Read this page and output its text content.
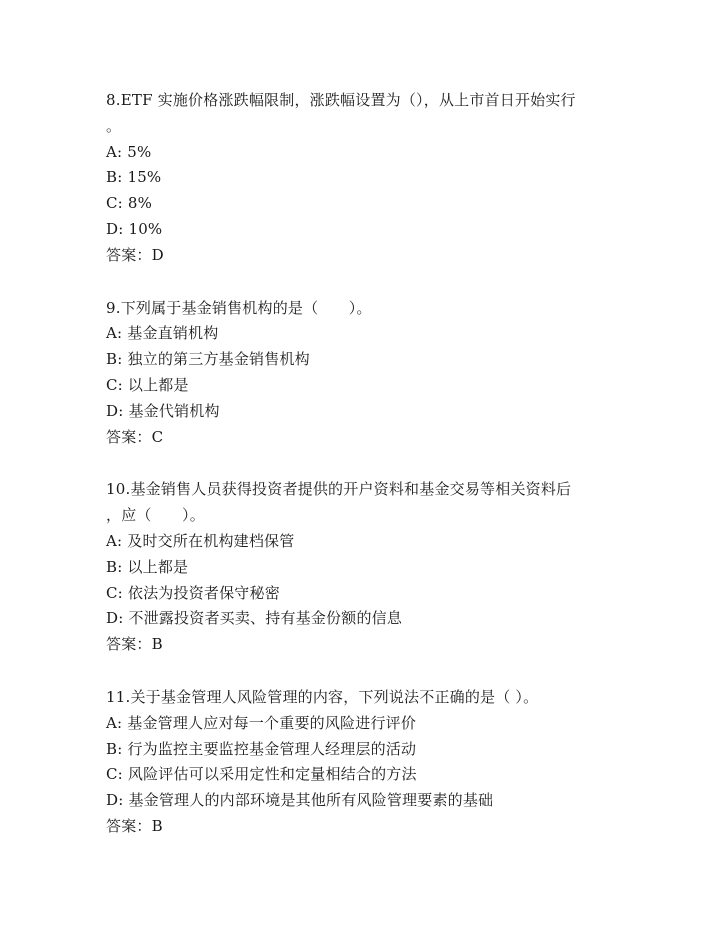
8.ETF 实施价格涨跌幅限制，涨跌幅设置为（），从上市首日开始实行
。
A: 5%
B: 15%
C: 8%
D: 10%
答案：D
9.下列属于基金销售机构的是（　　）。
A: 基金直销机构
B: 独立的第三方基金销售机构
C: 以上都是
D: 基金代销机构
答案：C
10.基金销售人员获得投资者提供的开户资料和基金交易等相关资料后
，应（　　）。
A: 及时交所在机构建档保管
B: 以上都是
C: 依法为投资者保守秘密
D: 不泄露投资者买卖、持有基金份额的信息
答案：B
11.关于基金管理人风险管理的内容，下列说法不正确的是（ ）。
A: 基金管理人应对每一个重要的风险进行评价
B: 行为监控主要监控基金管理人经理层的活动
C: 风险评估可以采用定性和定量相结合的方法
D: 基金管理人的内部环境是其他所有风险管理要素的基础
答案：B
